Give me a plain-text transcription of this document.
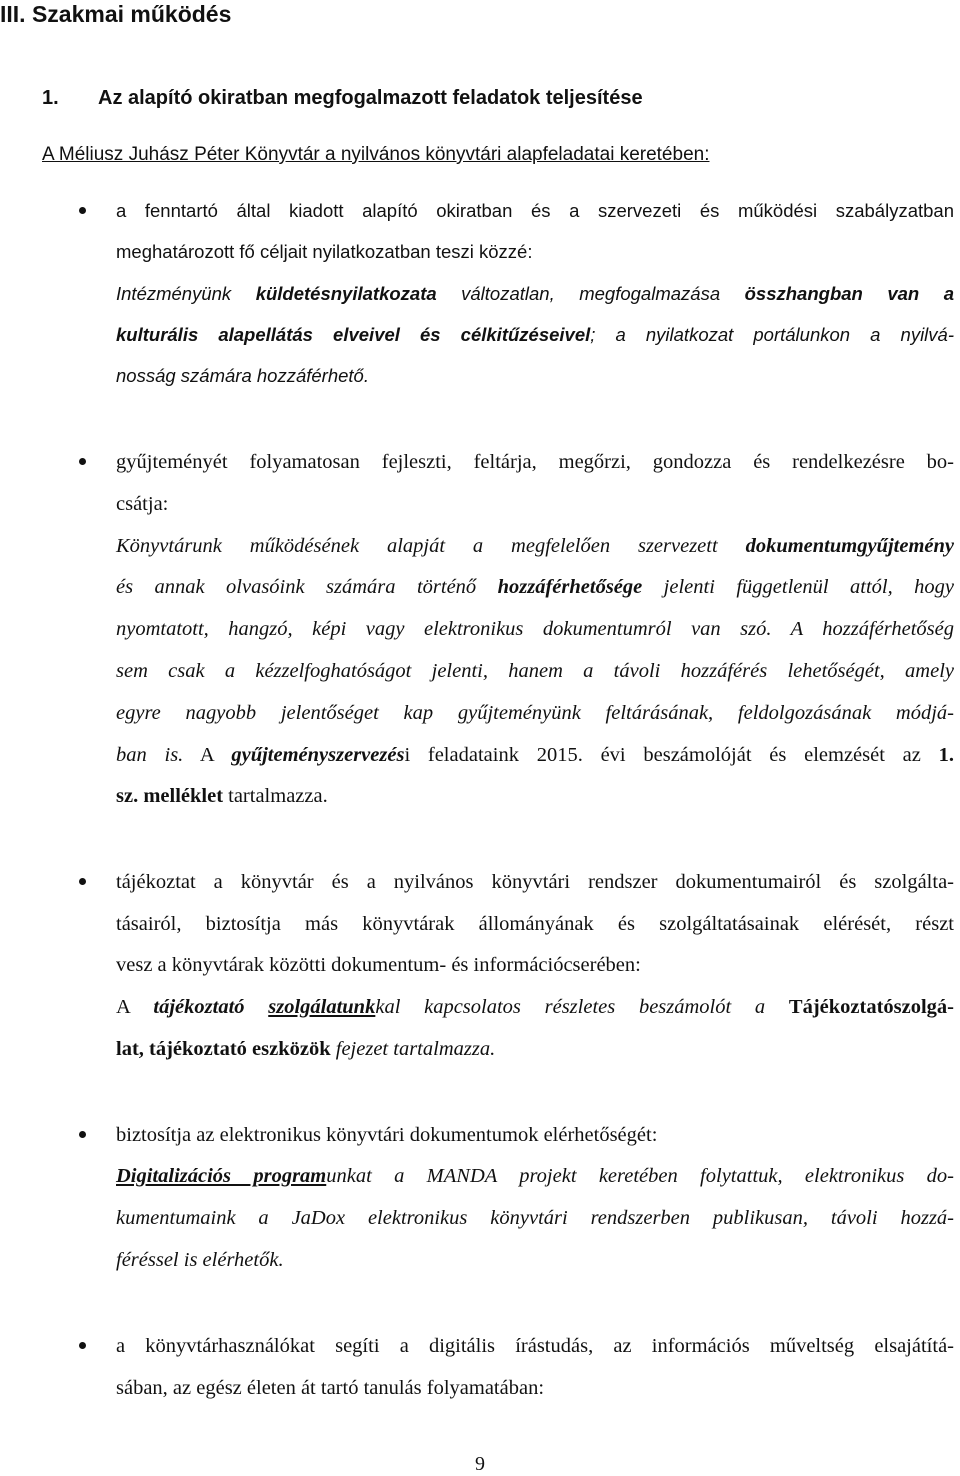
III. Szakmai működés
1. Az alapító okiratban megfogalmazott feladatok teljesítése
A Méliusz Juhász Péter Könyvtár a nyilvános könyvtári alapfeladatai keretében:
a fenntartó által kiadott alapító okiratban és a szervezeti és működési szabályzatban
meghatározott fő céljait nyilatkozatban teszi közzé:
Intézményünk küldetésnyilatkozata változatlan, megfogalmazása összhangban van a
kulturális alapellátás elveivel és célkitűzéseivel; a nyilatkozat portálunkon a nyilvá-
nosság számára hozzáférhető.
gyűjteményét folyamatosan fejleszti, feltárja, megőrzi, gondozza és rendelkezésre bo-
csátja:
Könyvtárunk működésének alapját a megfelelően szervezett dokumentumgyűjtemény
és annak olvasóink számára történő hozzáférhetősége jelenti függetlenül attól, hogy
nyomtatott, hangzó, képi vagy elektronikus dokumentumról van szó. A hozzáférhetőség
sem csak a kézzelfoghatóságot jelenti, hanem a távoli hozzáférés lehetőségét, amely
egyre nagyobb jelentőséget kap gyűjteményünk feltárásának, feldolgozásának módjá-
ban is. A gyűjteményszervezési feladataink 2015. évi beszámolóját és elemzését az 1.
sz. melléklet tartalmazza.
tájékoztat a könyvtár és a nyilvános könyvtári rendszer dokumentumairól és szolgálta-
tásairól, biztosítja más könyvtárak állományának és szolgáltatásainak elérését, részt
vesz a könyvtárak közötti dokumentum- és információcserében:
A tájékoztató szolgálatunkkal kapcsolatos részletes beszámolót a Tájékoztatószolgá-
lat, tájékoztató eszközök fejezet tartalmazza.
biztosítja az elektronikus könyvtári dokumentumok elérhetőségét:
Digitalizációs programunkat a MANDA projekt keretében folytattuk, elektronikus do-
kumentumaink a JaDox elektronikus könyvtári rendszerben publikusan, távoli hozzá-
féréssel is elérhetők.
a könyvtárhasználókat segíti a digitális írástudás, az információs műveltség elsajátítá-
sában, az egész életen át tartó tanulás folyamatában:
9
